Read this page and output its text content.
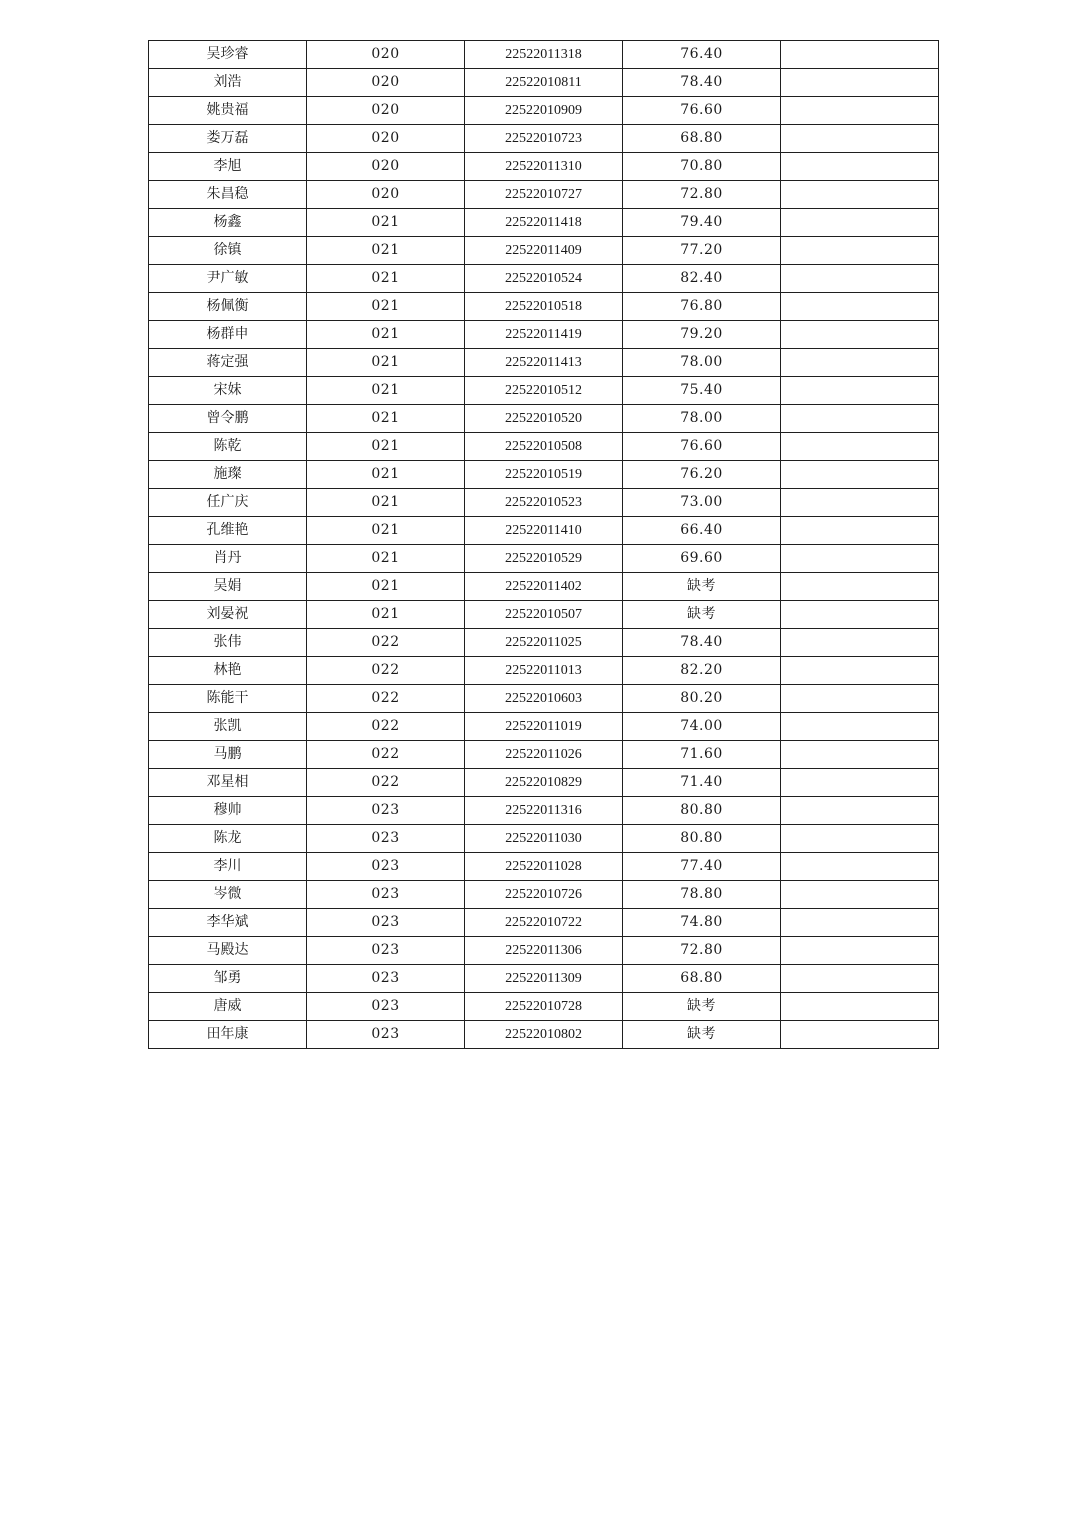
吴珍睿	020	22522011318	76.40	
刘浩	020	22522010811	78.40	
姚贵福	020	22522010909	76.60	
娄万磊	020	22522010723	68.80	
李旭	020	22522011310	70.80	
朱昌稳	020	22522010727	72.80	
杨鑫	021	22522011418	79.40	
徐镇	021	22522011409	77.20	
尹广敏	021	22522010524	82.40	
杨佩衡	021	22522010518	76.80	
杨群申	021	22522011419	79.20	
蒋定强	021	22522011413	78.00	
宋妹	021	22522010512	75.40	
曾令鹏	021	22522010520	78.00	
陈乾	021	22522010508	76.60	
施璨	021	22522010519	76.20	
任广庆	021	22522010523	73.00	
孔维艳	021	22522011410	66.40	
肖丹	021	22522010529	69.60	
吴娟	021	22522011402	缺考	
刘晏祝	021	22522010507	缺考	
张伟	022	22522011025	78.40	
林艳	022	22522011013	82.20	
陈能干	022	22522010603	80.20	
张凯	022	22522011019	74.00	
马鹏	022	22522011026	71.60	
邓星相	022	22522010829	71.40	
穆帅	023	22522011316	80.80	
陈龙	023	22522011030	80.80	
李川	023	22522011028	77.40	
岑微	023	22522010726	78.80	
李华斌	023	22522010722	74.80	
马殿达	023	22522011306	72.80	
邹勇	023	22522011309	68.80	
唐威	023	22522010728	缺考	
田年康	023	22522010802	缺考	
